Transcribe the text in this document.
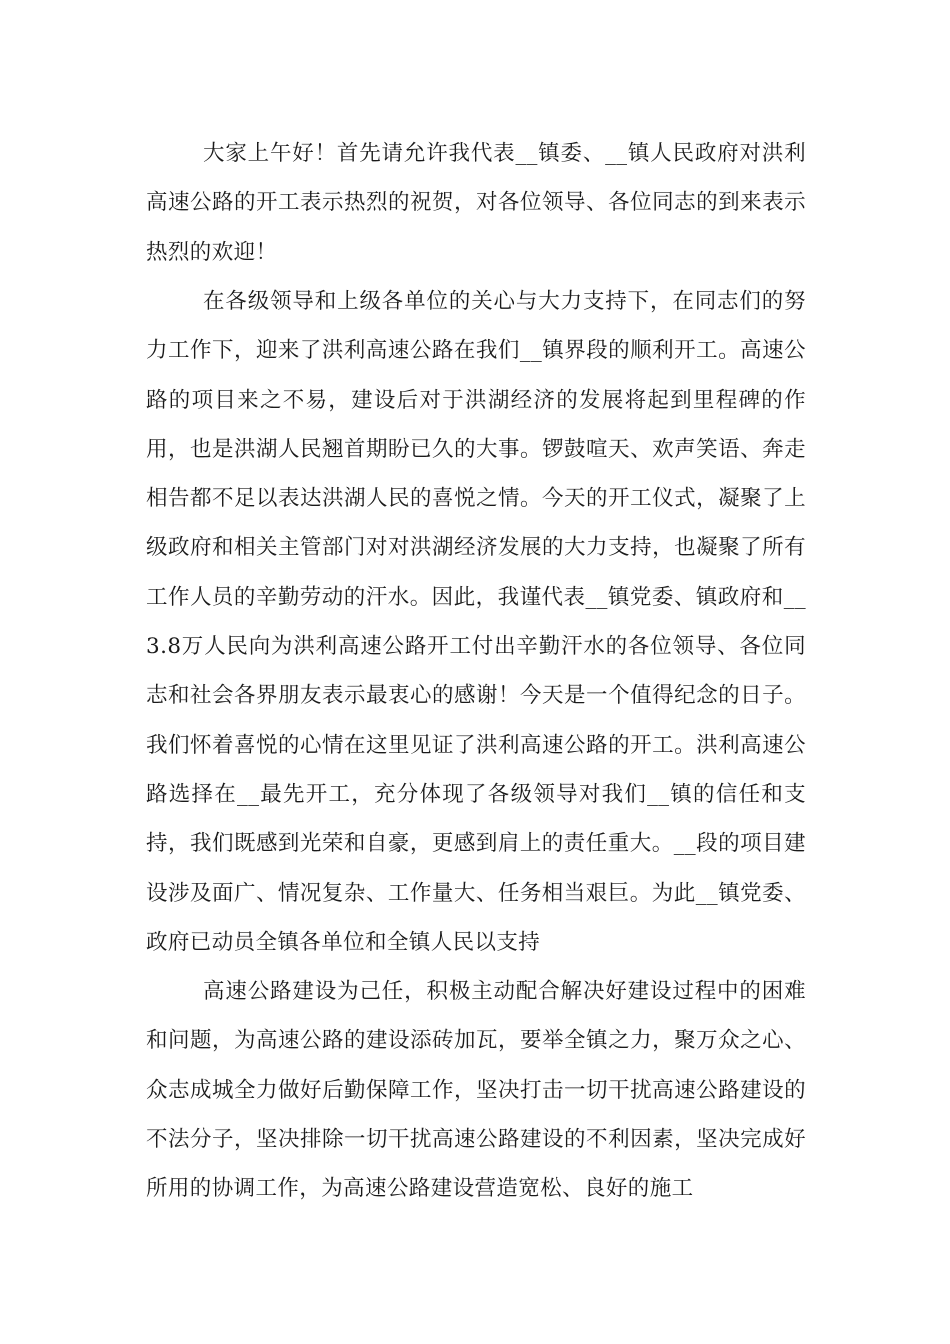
大家上午好！首先请允许我代表__镇委、__镇人民政府对洪利高速公路的开工表示热烈的祝贺，对各位领导、各位同志的到来表示热烈的欢迎！

在各级领导和上级各单位的关心与大力支持下，在同志们的努力工作下，迎来了洪利高速公路在我们__镇界段的顺利开工。高速公路的项目来之不易，建设后对于洪湖经济的发展将起到里程碑的作用，也是洪湖人民翘首期盼已久的大事。锣鼓喧天、欢声笑语、奔走相告都不足以表达洪湖人民的喜悦之情。今天的开工仪式，凝聚了上级政府和相关主管部门对对洪湖经济发展的大力支持，也凝聚了所有工作人员的辛勤劳动的汗水。因此，我谨代表__镇党委、镇政府和__3.8万人民向为洪利高速公路开工付出辛勤汗水的各位领导、各位同志和社会各界朋友表示最衷心的感谢！今天是一个值得纪念的日子。我们怀着喜悦的心情在这里见证了洪利高速公路的开工。洪利高速公路选择在__最先开工，充分体现了各级领导对我们__镇的信任和支持，我们既感到光荣和自豪，更感到肩上的责任重大。__段的项目建设涉及面广、情况复杂、工作量大、任务相当艰巨。为此__镇党委、政府已动员全镇各单位和全镇人民以支持

高速公路建设为己任，积极主动配合解决好建设过程中的困难和问题，为高速公路的建设添砖加瓦，要举全镇之力，聚万众之心、众志成城全力做好后勤保障工作，坚决打击一切干扰高速公路建设的不法分子，坚决排除一切干扰高速公路建设的不利因素，坚决完成好所用的协调工作，为高速公路建设营造宽松、良好的施工
